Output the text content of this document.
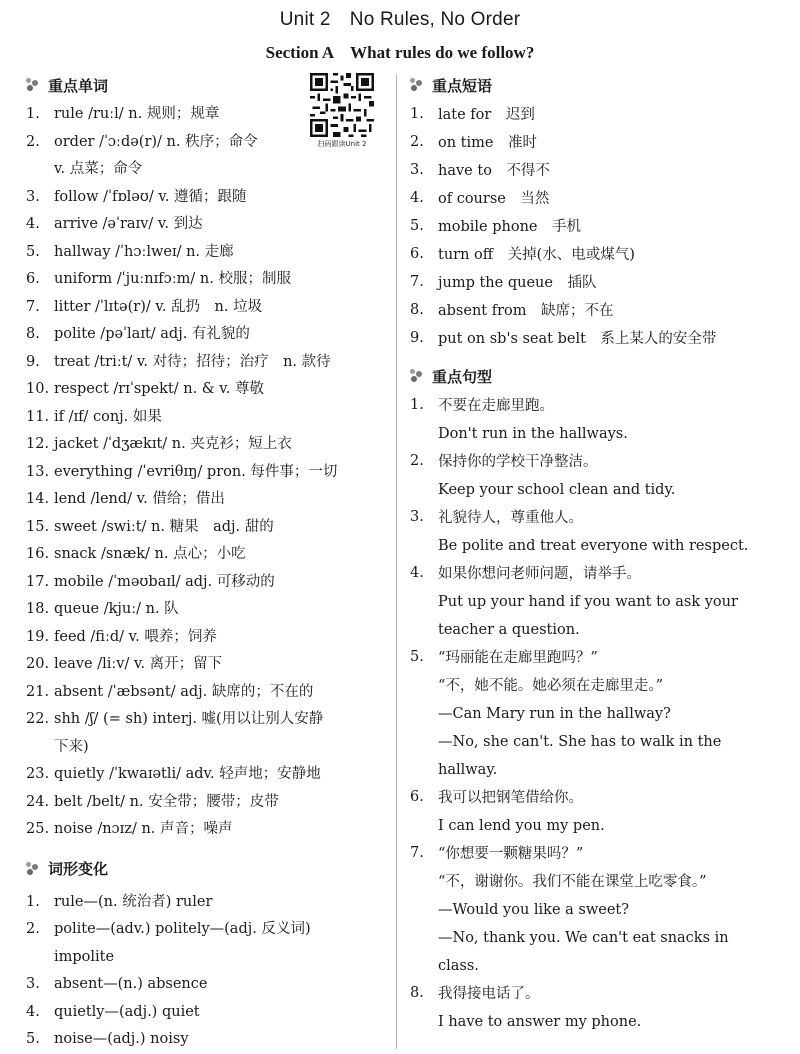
Unit 2　No Rules, No Order
Section A　What rules do we follow?
扫码跟读Unit 2
重点单词
1. rule /ruːl/ n. 规则；规章
2. order /ˈɔːdə(r)/ n. 秩序；命令
v. 点菜；命令
3. follow /ˈfɒləʊ/ v. 遵循；跟随
4. arrive /əˈraɪv/ v. 到达
5. hallway /ˈhɔːlweɪ/ n. 走廊
6. uniform /ˈjuːnɪfɔːm/ n. 校服；制服
7. litter /ˈlɪtə(r)/ v. 乱扔　n. 垃圾
8. polite /pəˈlaɪt/ adj. 有礼貌的
9. treat /triːt/ v. 对待；招待；治疗　n. 款待
10. respect /rɪˈspekt/ n. & v. 尊敬
11. if /ɪf/ conj. 如果
12. jacket /ˈdʒækɪt/ n. 夹克衫；短上衣
13. everything /ˈevriθɪŋ/ pron. 每件事；一切
14. lend /lend/ v. 借给；借出
15. sweet /swiːt/ n. 糖果　adj. 甜的
16. snack /snæk/ n. 点心；小吃
17. mobile /ˈməʊbaɪl/ adj. 可移动的
18. queue /kjuː/ n. 队
19. feed /fiːd/ v. 喂养；饲养
20. leave /liːv/ v. 离开；留下
21. absent /ˈæbsənt/ adj. 缺席的；不在的
22. shh /ʃ/ (= sh) interj. 嘘(用以让别人安静
下来)
23. quietly /ˈkwaɪətli/ adv. 轻声地；安静地
24. belt /belt/ n. 安全带；腰带；皮带
25. noise /nɔɪz/ n. 声音；噪声
词形变化
1. rule—(n. 统治者) ruler
2. polite—(adv.) politely—(adj. 反义词)
impolite
3. absent—(n.) absence
4. quietly—(adj.) quiet
5. noise—(adj.) noisy
重点短语
1. late for　迟到
2. on time　准时
3. have to　不得不
4. of course　当然
5. mobile phone　手机
6. turn off　关掉(水、电或煤气)
7. jump the queue　插队
8. absent from　缺席；不在
9. put on sb's seat belt　系上某人的安全带
重点句型
1. 不要在走廊里跑。
Don't run in the hallways.
2. 保持你的学校干净整洁。
Keep your school clean and tidy.
3. 礼貌待人，尊重他人。
Be polite and treat everyone with respect.
4. 如果你想问老师问题，请举手。
Put up your hand if you want to ask your
teacher a question.
5. “玛丽能在走廊里跑吗？”
“不，她不能。她必须在走廊里走。”
—Can Mary run in the hallway?
—No, she can't. She has to walk in the
hallway.
6. 我可以把钢笔借给你。
I can lend you my pen.
7. “你想要一颗糖果吗？”
“不，谢谢你。我们不能在课堂上吃零食。”
—Would you like a sweet?
—No, thank you. We can't eat snacks in
class.
8. 我得接电话了。
I have to answer my phone.
